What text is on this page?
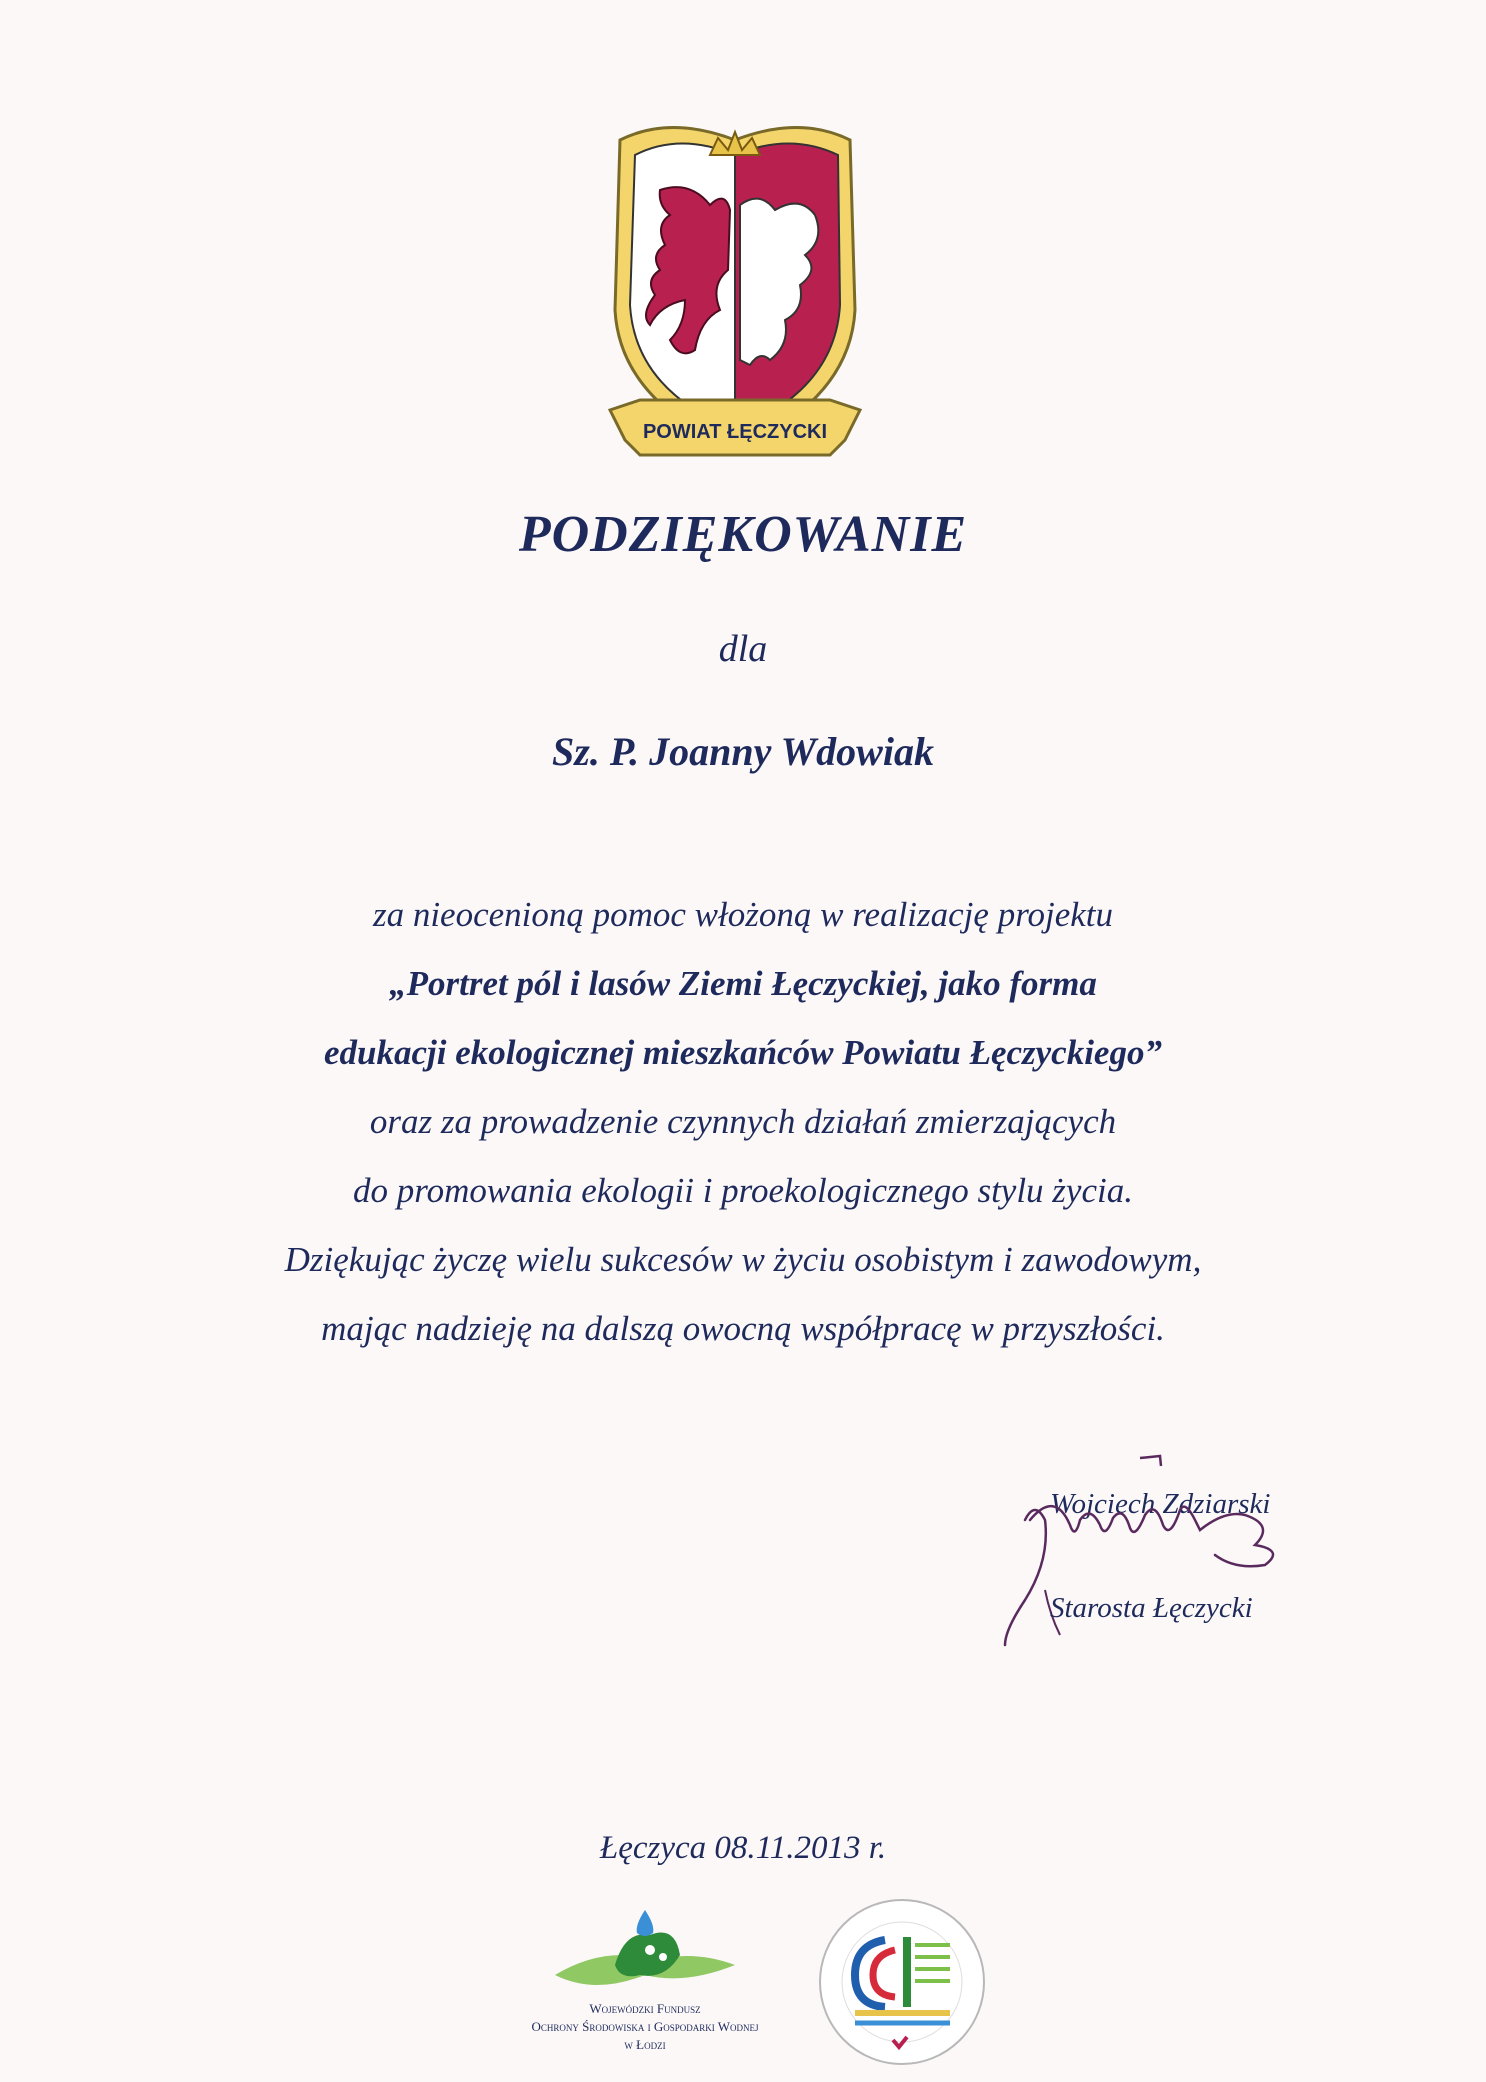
POWIAT ŁĘCZYCKI
PODZIĘKOWANIE
dla
Sz. P. Joanny Wdowiak
za nieocenioną pomoc włożoną w realizację projektu
„Portret pól i lasów Ziemi Łęczyckiej, jako forma
edukacji ekologicznej mieszkańców Powiatu Łęczyckiego”
oraz za prowadzenie czynnych działań zmierzających
do promowania ekologii i proekologicznego stylu życia.
Dziękując życzę wielu sukcesów w życiu osobistym i zawodowym,
mając nadzieję na dalszą owocną współpracę w przyszłości.
Wojciech Zdziarski
Starosta Łęczycki
Łęczyca 08.11.2013 r.
Wojewódzki Fundusz
Ochrony Środowiska i Gospodarki Wodnej
w Łodzi
